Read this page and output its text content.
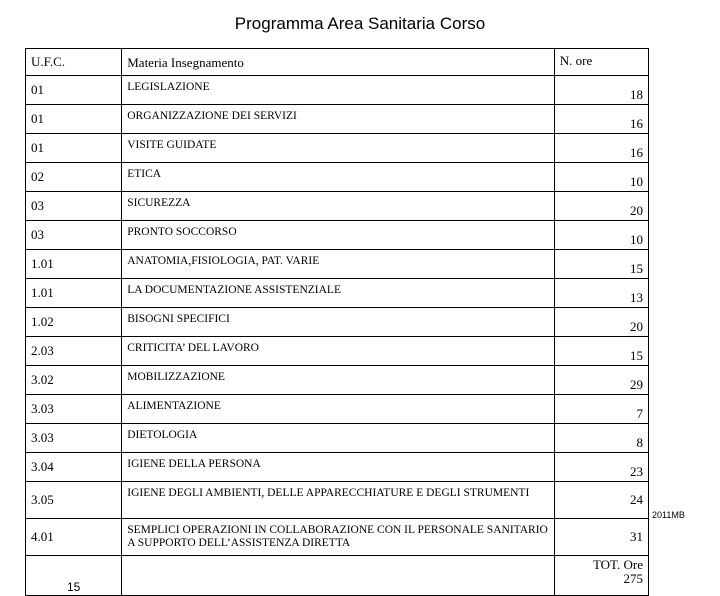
Programma Area Sanitaria Corso
U.F.C.	Materia Insegnamento	N. ore
01	LEGISLAZIONE	18
01	ORGANIZZAZIONE DEI SERVIZI	16
01	VISITE GUIDATE	16
02	ETICA	10
03	SICUREZZA	20
03	PRONTO SOCCORSO	10
1.01	ANATOMIA,FISIOLOGIA, PAT. VARIE	15
1.01	LA DOCUMENTAZIONE ASSISTENZIALE	13
1.02	BISOGNI SPECIFICI	20
2.03	CRITICITA’ DEL LAVORO	15
3.02	MOBILIZZAZIONE	29
3.03	ALIMENTAZIONE	7
3.03	DIETOLOGIA	8
3.04	IGIENE DELLA PERSONA	23
3.05	IGIENE DEGLI AMBIENTI, DELLE APPARECCHIATURE E DEGLI STRUMENTI	24
4.01	SEMPLICI OPERAZIONI IN COLLABORAZIONE CON IL PERSONALE SANITARIO A SUPPORTO DELL’ASSISTENZA DIRETTA	31
15		TOT. Ore
275
2011MB
